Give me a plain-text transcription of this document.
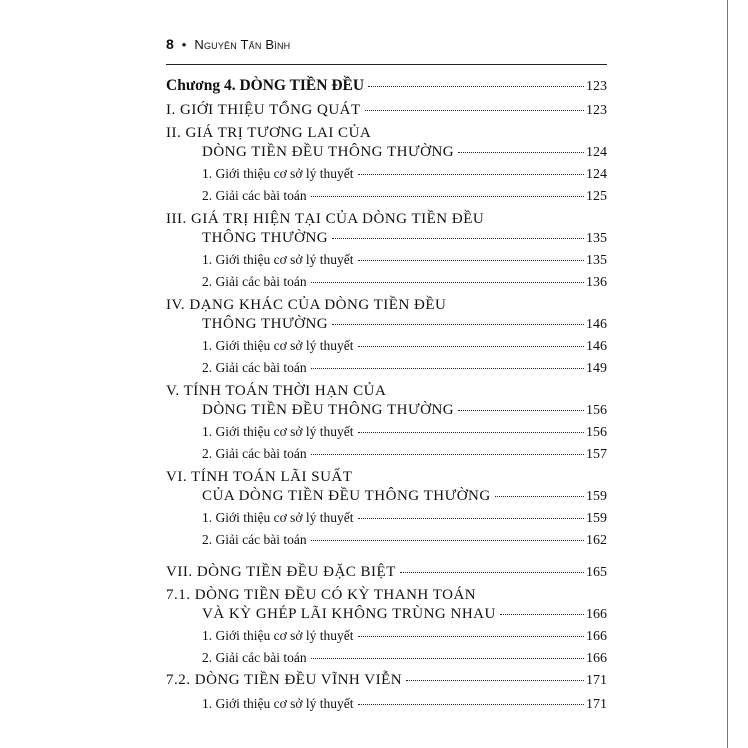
8 • Nguyên Tấn Bình
Chương 4. DÒNG TIỀN ĐỀU	123
I. GIỚI THIỆU TỔNG QUÁT	123
II. GIÁ TRỊ TƯƠNG LAI CỦA
DÒNG TIỀN ĐỀU THÔNG THƯỜNG	124
1. Giới thiệu cơ sở lý thuyết	124
2. Giải các bài toán	125
III. GIÁ TRỊ HIỆN TẠI CỦA DÒNG TIỀN ĐỀU
THÔNG THƯỜNG	135
1. Giới thiệu cơ sở lý thuyết	135
2. Giải các bài toán	136
IV. DẠNG KHÁC CỦA DÒNG TIỀN ĐỀU
THÔNG THƯỜNG	146
1. Giới thiệu cơ sở lý thuyết	146
2. Giải các bài toán	149
V. TÍNH TOÁN THỜI HẠN CỦA
DÒNG TIỀN ĐỀU THÔNG THƯỜNG	156
1. Giới thiệu cơ sở lý thuyết	156
2. Giải các bài toán	157
VI. TÍNH TOÁN LÃI SUẤT
CỦA DÒNG TIỀN ĐỀU THÔNG THƯỜNG	159
1. Giới thiệu cơ sở lý thuyết	159
2. Giải các bài toán	162
VII. DÒNG TIỀN ĐỀU ĐẶC BIỆT	165
7.1. DÒNG TIỀN ĐỀU CÓ KỲ THANH TOÁN
VÀ KỲ GHÉP LÃI KHÔNG TRÙNG NHAU	166
1. Giới thiệu cơ sở lý thuyết	166
2. Giải các bài toán	166
7.2. DÒNG TIỀN ĐỀU VĨNH VIỄN	171
1. Giới thiệu cơ sở lý thuyết	171
